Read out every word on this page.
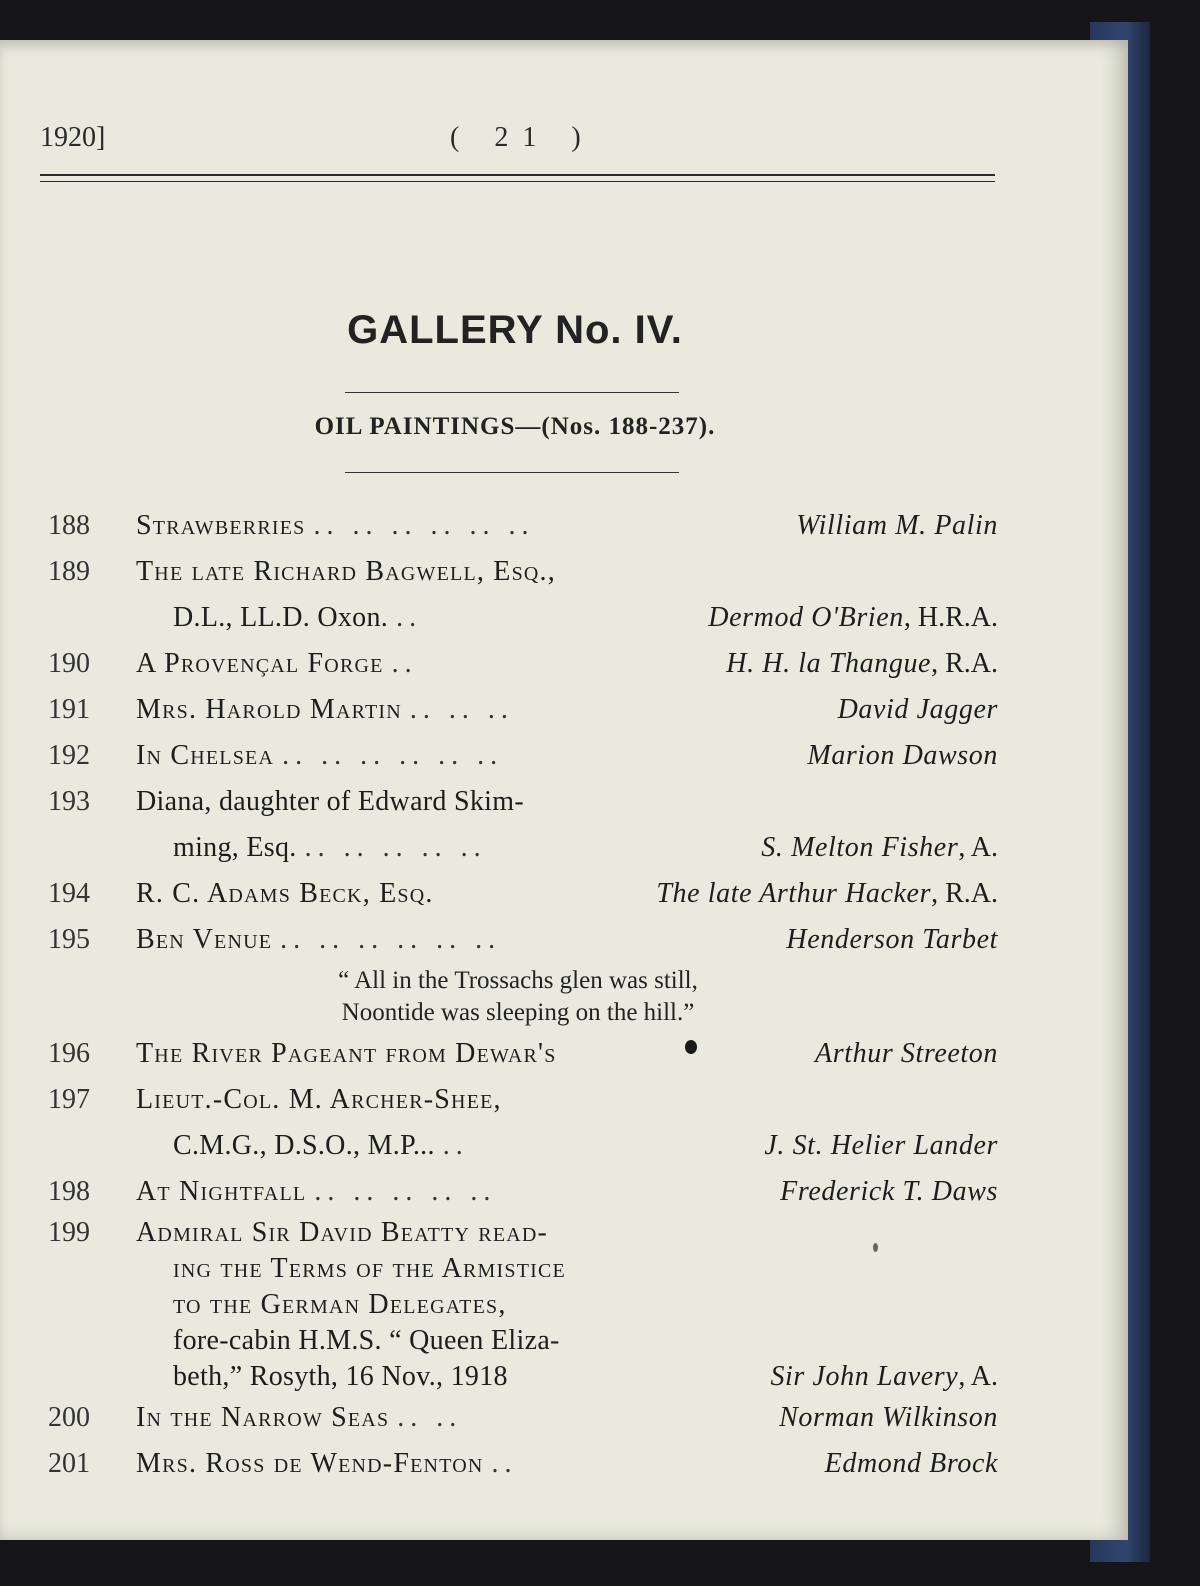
1920]	( 21 )
GALLERY No. IV.
OIL PAINTINGS—(Nos. 188-237).
188	Strawberries .. .. .. .. .. ..	William M. Palin
189	The late Richard Bagwell, Esq.,
D.L., LL.D. Oxon. ..	Dermod O'Brien , H.R.A.
190	A Provençal Forge ..	H. H. la Thangue , R.A.
191	Mrs. Harold Martin .. .. ..	David Jagger
192	In Chelsea .. .. .. .. .. ..	Marion Dawson
193	Diana, daughter of Edward Skim-
ming, Esq. .. .. .. .. ..	S. Melton Fisher , A.
194	R. C. Adams Beck, Esq.	The late Arthur Hacker , R.A.
195	Ben Venue .. .. .. .. .. ..	Henderson Tarbet
“ All in the Trossachs glen was still,
Noontide was sleeping on the hill.”
196	The River Pageant from Dewar's	Arthur Streeton
197	Lieut.-Col. M. Archer-Shee,
C.M.G., D.S.O., M.P... ..	J. St. Helier Lander
198	At Nightfall .. .. .. .. ..	Frederick T. Daws
199	Admiral Sir David Beatty read-
ing the Terms of the Armistice
to the German Delegates,
fore-cabin H.M.S. “ Queen Eliza-
beth,” Rosyth, 16 Nov., 1918	Sir John Lavery , A.
200	In the Narrow Seas .. ..	Norman Wilkinson
201	Mrs. Ross de Wend-Fenton ..	Edmond Brock
